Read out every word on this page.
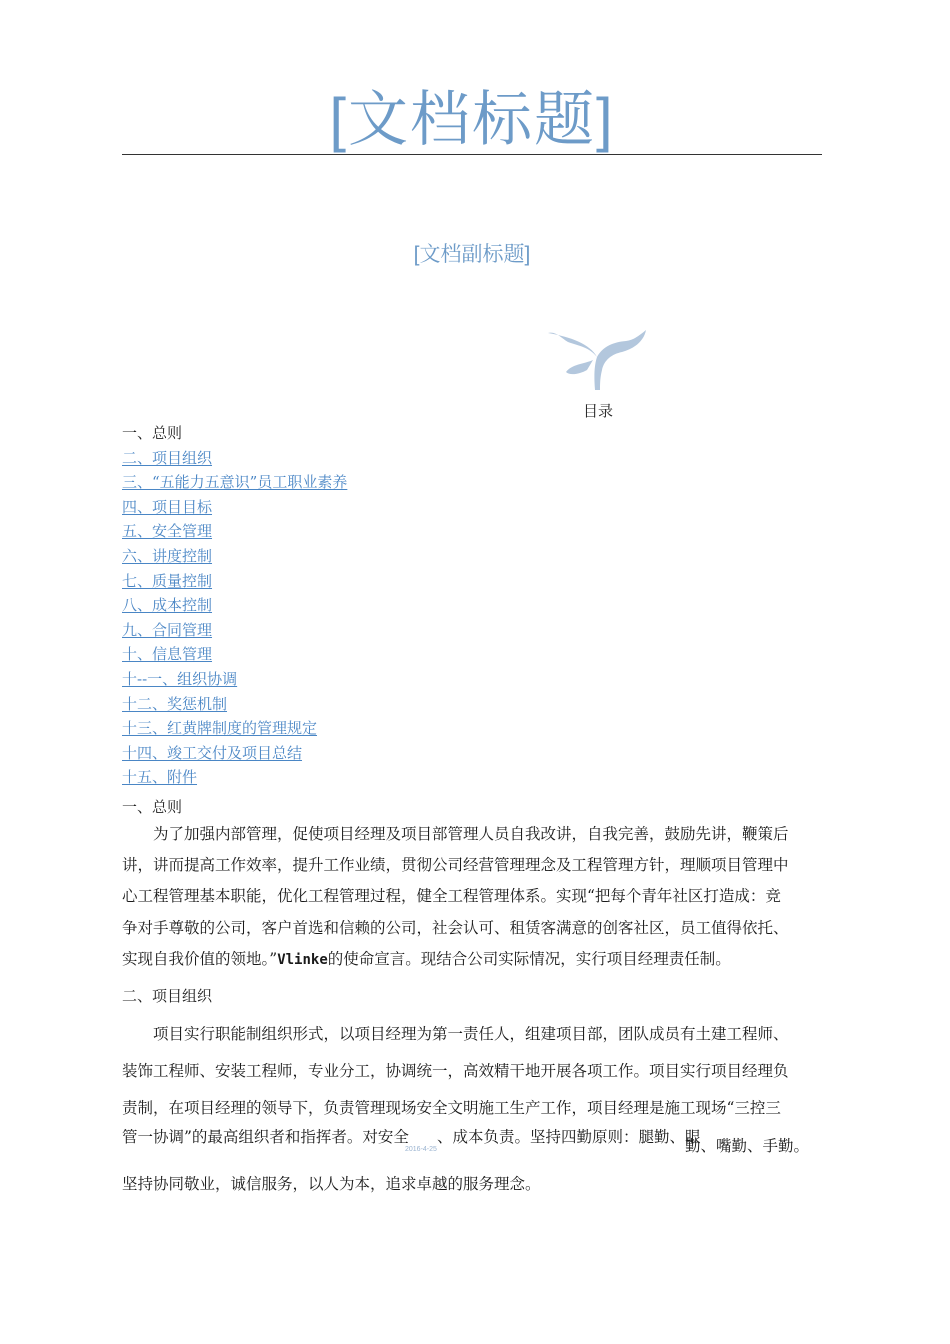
[文档标题]
[文档副标题]
目录
一、总则
二、项目组织
三、“五能力五意识”员工职业素养
四、项目目标
五、安全管理
六、讲度控制
七、质量控制
八、成本控制
九、合同管理
十、信息管理
十--一、组织协调
十二、奖惩机制
十三、红黄牌制度的管理规定
十四、竣工交付及项目总结
十五、附件
一、总则
为了加强内部管理，促使项目经理及项目部管理人员自我改讲，自我完善，鼓励先讲，鞭策后
讲，讲而提高工作效率，提升工作业绩，贯彻公司经营管理理念及工程管理方针，理顺项目管理中
心工程管理基本职能，优化工程管理过程，健全工程管理体系。实现“把每个青年社区打造成：竞
争对手尊敬的公司，客户首选和信赖的公司，社会认可、租赁客满意的创客社区，员工值得依托、
实现自我价值的领地。”Vlinke的使命宣言。现结合公司实际情况，实行项目经理责任制。
二、项目组织
项目实行职能制组织形式，以项目经理为第一责任人，组建项目部，团队成员有土建工程师、
装饰工程师、安装工程师，专业分工，协调统一，高效精干地开展各项工作。项目实行项目经理负
责制，在项目经理的领导下，负责管理现场安全文明施工生产工作，项目经理是施工现场“三控三
管一协调”的最高组织者和指挥者。对安全 、成本负责。坚持四勤原则：腿勤、眼
勤、嘴勤、手勤。
2016-4-25
坚持协同敬业，诚信服务，以人为本，追求卓越的服务理念。
